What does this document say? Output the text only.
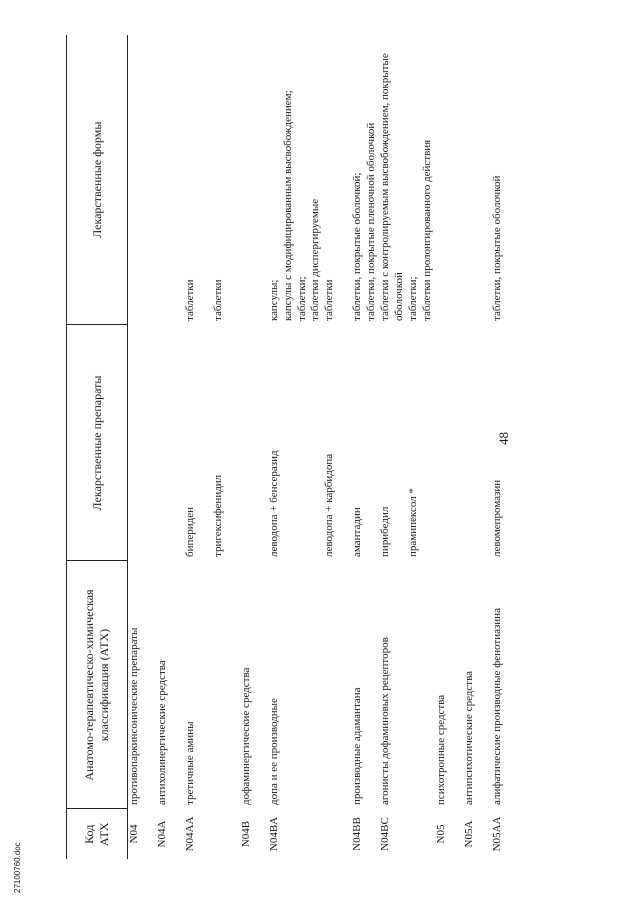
48
Код АТХ	Анатомо-терапевтическо-химическая классификация (АТХ)	Лекарственные препараты	Лекарственные формы
N04	противопаркинсонические препараты		
N04A	антихолинергические средства		
N04AA	третичные амины	бипериден	таблетки
		тригексифенидил	таблетки
N04B	дофаминергические средства		
N04BA	допа и ее производные	леводопа + бенсеразид	капсулы; капсулы с модифицированным высвобождением; таблетки; таблетки диспергируемые

		леводопа + карбидопа	таблетки
N04BB	производные адамантана	амантадин	таблетки, покрытые оболочкой; таблетки, покрытые пленочной оболочкой

N04BC	агонисты дофаминовых рецепторов	пирибедил	таблетки с контролируемым высвобождением, покрытые оболочкой
		прамипексол *	таблетки; таблетки пролонгированного действия

N05	психотропные средства		
N05A	антипсихотические средства		
N05AA	алифатические производные фенотиазина	левомепромазин	таблетки, покрытые оболочкой
27100760.doc
